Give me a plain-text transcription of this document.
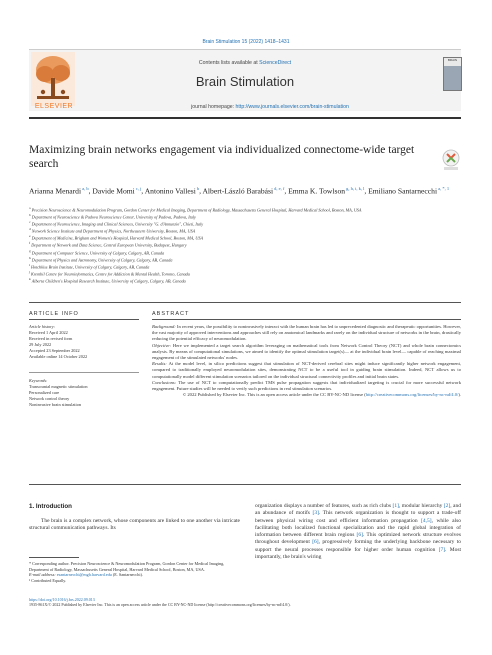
Brain Stimulation 15 (2022) 1418–1431
ELSEVIER
Contents lists available at ScienceDirect
Brain Stimulation
journal homepage: http://www.journals.elsevier.com/brain-stimulation
BRAIN
Maximizing brain networks engagement via individualized connectome-wide target search
Arianna Menardi$^{a, b}$, Davide Momi$^{c, j}$, Antonino Vallesi$^b$, Albert-László Barabási$^{d, e, f}$, Emma K. Towlson$^{g, h, i, k, l}$, Emiliano Santarnecchi$^{a, *, 1}$
$^a$ Precision Neuroscience & Neuromodulation Program, Gordon Center for Medical Imaging, Department of Radiology, Massachusetts General Hospital, Harvard Medical School, Boston, MA, USA
$^b$ Department of Neuroscience & Padova Neuroscience Center, University of Padova, Padova, Italy
$^c$ Department of Neuroscience, Imaging and Clinical Sciences, University "G. d'Annunzio", Chieti, Italy
$^d$ Network Science Institute and Department of Physics, Northeastern University, Boston, MA, USA
$^e$ Department of Medicine, Brigham and Women's Hospital, Harvard Medical School, Boston, MA, USA
$^f$ Department of Network and Data Science, Central European University, Budapest, Hungary
$^g$ Department of Computer Science, University of Calgary, Calgary, AB, Canada
$^h$ Department of Physics and Astronomy, University of Calgary, Calgary, AB, Canada
$^i$ Hotchkiss Brain Institute, University of Calgary, Calgary, AB, Canada
$^j$ Krembil Centre for Neuroinformatics, Centre for Addiction & Mental Health, Toronto, Canada
$^k$ Alberta Children's Hospital Research Institute, University of Calgary, Calgary, AB, Canada
ARTICLE INFO
Article history:
Received 1 April 2022
Received in revised form
29 July 2022
Accepted 23 September 2022
Available online 14 October 2022
Keywords:
Transcranial magnetic stimulation
Personalized care
Network control theory
Noninvasive brain stimulation
ABSTRACT
Background: In recent years, the possibility to noninvasively interact with the human brain has led to unprecedented diagnostic and therapeutic opportunities. However, the vast majority of approved interventions and approaches still rely on anatomical landmarks and rarely on the individual structure of networks in the brain, drastically reducing the potential efficacy of neuromodulation.
Objective: Here we implemented a target search algorithm leveraging on mathematical tools from Network Control Theory (NCT) and whole brain connectomics analysis. By means of computational simulations, we aimed to identify the optimal stimulation target(s)— at the individual brain level— capable of reaching maximal engagement of the stimulated networks' nodes.
Results: At the model level, in silico predictions suggest that stimulation of NCT-derived cerebral sites might induce significantly higher network engagement, compared to traditionally employed neuromodulation sites, demonstrating NCT to be a useful tool in guiding brain stimulation. Indeed, NCT allows us to computationally model different stimulation scenarios tailored on the individual structural connectivity profiles and initial brain states.
Conclusions: The use of NCT to computationally predict TMS pulse propagation suggests that individualized targeting is crucial for more successful network engagement. Future studies will be needed to verify such predictions in real stimulation scenarios.
© 2022 Published by Elsevier Inc. This is an open access article under the CC BY-NC-ND license (http://creativecommons.org/licenses/by-nc-nd/4.0/).
1. Introduction
The brain is a complex network, whose components are linked to one another via intricate structural communication pathways. Its
organization displays a number of features, such as rich clubs [1], modular hierarchy [2], and an abundance of motifs [3]. This network organization is thought to support a trade-off between physical wiring cost and efficient information propagation [4,5], while also facilitating both localized functional specialization and the rapid global integration of information between different brain regions [6]. This optimized network structure evolves throughout development [6], progressively forming the underlying backbone necessary to support the neural processes responsible for higher order human cognition [7]. Most importantly, the brain's wiring
* Corresponding author. Precision Neuroscience & Neuromodulation Program, Gordon Center for Medical Imaging, Department of Radiology, Massachusetts General Hospital, Harvard Medical School, Boston, MA, USA.
E-mail address: esantarnecchi@mgh.harvard.edu (E. Santarnecchi).
¹ Contributed Equally.
https://doi.org/10.1016/j.brs.2022.09.013
1935-861X/© 2022 Published by Elsevier Inc. This is an open access article under the CC BY-NC-ND license (http://creativecommons.org/licenses/by-nc-nd/4.0/).
